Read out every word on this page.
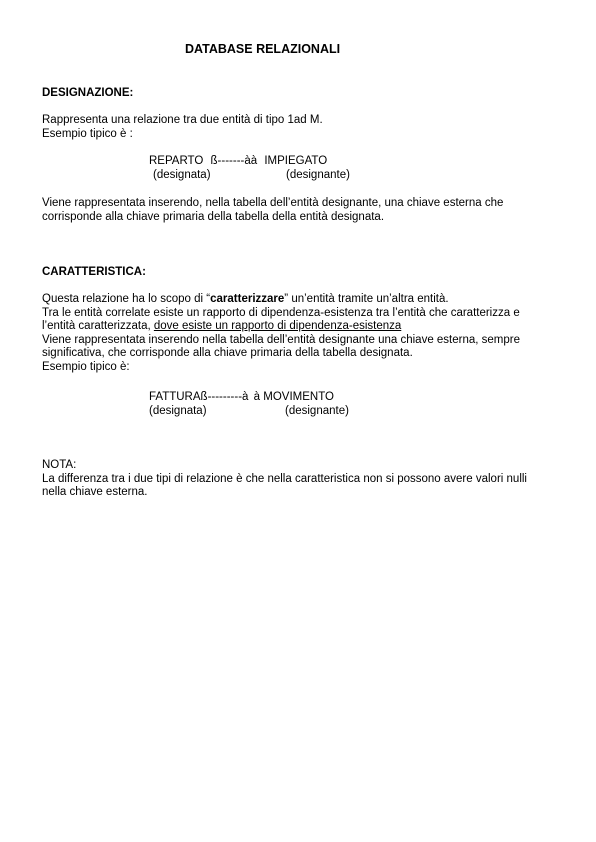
DATABASE RELAZIONALI
DESIGNAZIONE:
Rappresenta una relazione tra due entità di tipo 1ad M.
Esempio tipico è :
REPARTO ß-------àà IMPIEGATO
(designata)	(designante)
Viene rappresentata inserendo, nella tabella dell’entità designante, una chiave esterna che
corrisponde alla chiave primaria della tabella della entità designata.
CARATTERISTICA:
Questa relazione ha lo scopo di “caratterizzare” un’entità tramite un’altra entità.
Tra le entità correlate esiste un rapporto di dipendenza-esistenza tra l’entità che caratterizza e
l’entità caratterizzata, dove esiste un rapporto di dipendenza-esistenza
Viene rappresentata inserendo nella tabella dell’entità designante una chiave esterna, sempre
significativa, che corrisponde alla chiave primaria della tabella designata.
Esempio tipico è:
FATTURAß---------à à MOVIMENTO
(designata)	(designante)
NOTA:
La differenza tra i due tipi di relazione è che nella caratteristica non si possono avere valori nulli
nella chiave esterna.
